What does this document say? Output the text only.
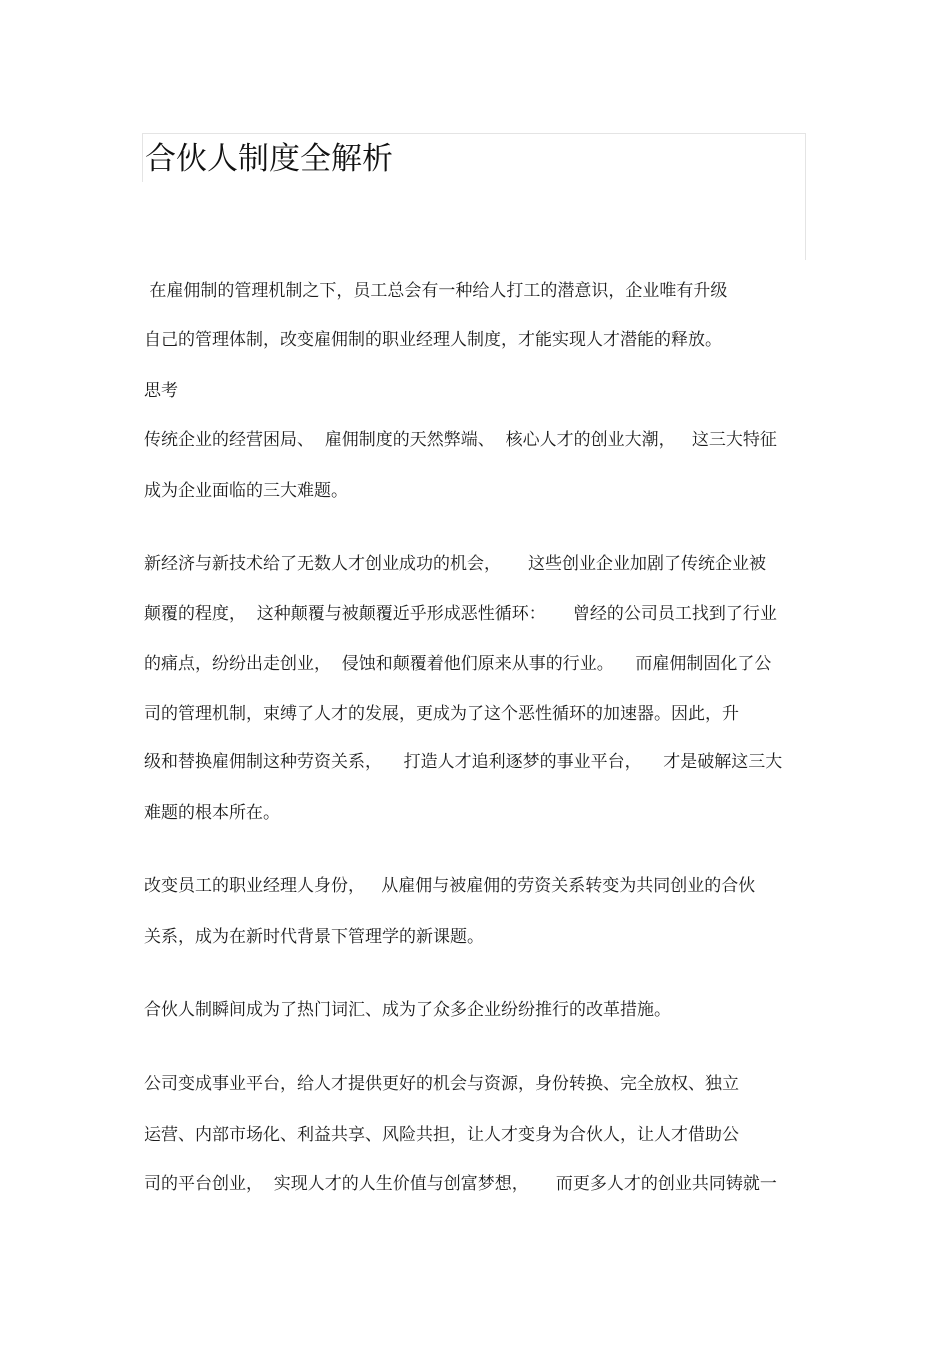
合伙人制度全解析

在雇佣制的管理机制之下，员工总会有一种给人打工的潜意识，企业唯有升级

自己的管理体制，改变雇佣制的职业经理人制度，才能实现人才潜能的释放。

思考

传统企业的经营困局、  雇佣制度的天然弊端、  核心人才的创业大潮，   这三大特征

成为企业面临的三大难题。

新经济与新技术给了无数人才创业成功的机会，     这些创业企业加剧了传统企业被

颠覆的程度，  这种颠覆与被颠覆近乎形成恶性循环：     曾经的公司员工找到了行业

的痛点，纷纷出走创业，  侵蚀和颠覆着他们原来从事的行业。    而雇佣制固化了公

司的管理机制，束缚了人才的发展，更成为了这个恶性循环的加速器。因此，升

级和替换雇佣制这种劳资关系，    打造人才追利逐梦的事业平台，    才是破解这三大

难题的根本所在。

改变员工的职业经理人身份，   从雇佣与被雇佣的劳资关系转变为共同创业的合伙

关系，成为在新时代背景下管理学的新课题。

合伙人制瞬间成为了热门词汇、成为了众多企业纷纷推行的改革措施。

公司变成事业平台，给人才提供更好的机会与资源，身份转换、完全放权、独立

运营、内部市场化、利益共享、风险共担，让人才变身为合伙人，让人才借助公

司的平台创业，  实现人才的人生价值与创富梦想，     而更多人才的创业共同铸就一
